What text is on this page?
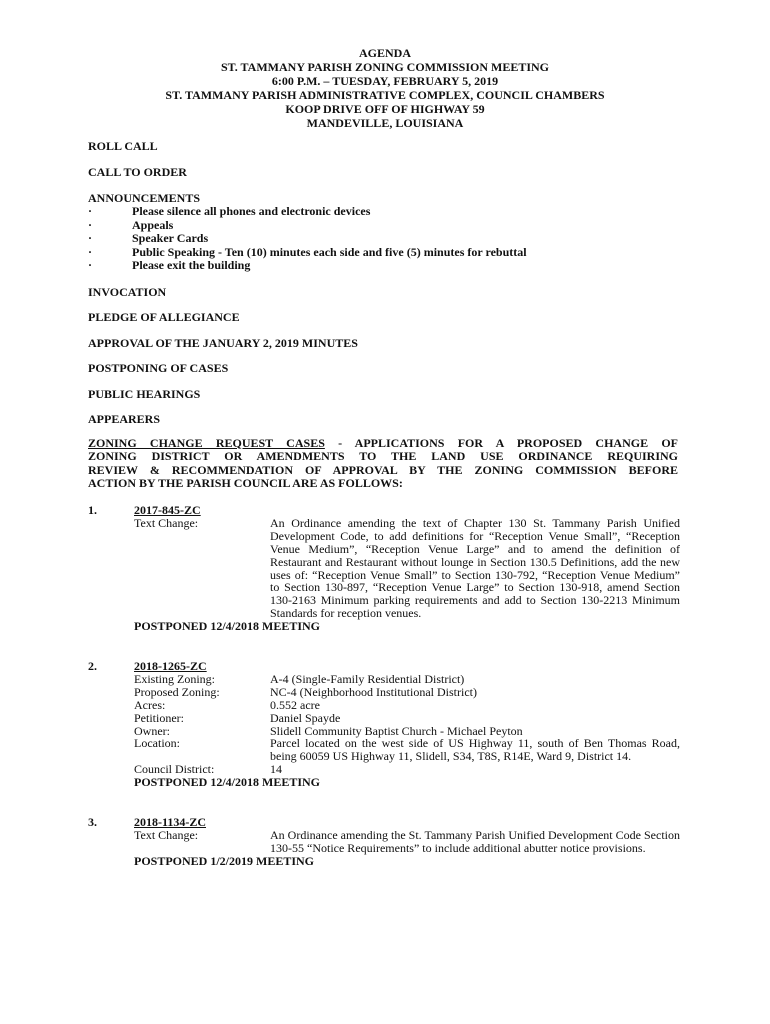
AGENDA
ST. TAMMANY PARISH ZONING COMMISSION MEETING
6:00 P.M. – TUESDAY, FEBRUARY 5, 2019
ST. TAMMANY PARISH ADMINISTRATIVE COMPLEX, COUNCIL CHAMBERS
KOOP DRIVE OFF OF HIGHWAY 59
MANDEVILLE, LOUISIANA
ROLL CALL
CALL TO ORDER
ANNOUNCEMENTS
·	Please silence all phones and electronic devices
·	Appeals
·	Speaker Cards
·	Public Speaking - Ten (10) minutes each side and five (5) minutes for rebuttal
·	Please exit the building
INVOCATION
PLEDGE OF ALLEGIANCE
APPROVAL OF THE JANUARY 2, 2019 MINUTES
POSTPONING OF CASES
PUBLIC HEARINGS
APPEARERS
ZONING CHANGE REQUEST CASES - APPLICATIONS FOR A PROPOSED CHANGE OF
ZONING DISTRICT OR AMENDMENTS TO THE LAND USE ORDINANCE REQUIRING
REVIEW & RECOMMENDATION OF APPROVAL BY THE ZONING COMMISSION BEFORE
ACTION BY THE PARISH COUNCIL ARE AS FOLLOWS:
1.	2017-845-ZC
Text Change:	An Ordinance amending the text of Chapter 130 St. Tammany Parish Unified Development Code, to add definitions for “Reception Venue Small”, “Reception Venue Medium”, “Reception Venue Large” and to amend the definition of Restaurant and Restaurant without lounge in Section 130.5 Definitions, add the new uses of: “Reception Venue Small” to Section 130-792, “Reception Venue Medium” to Section 130-897, “Reception Venue Large” to Section 130-918, amend Section 130-2163 Minimum parking requirements and add to Section 130-2213 Minimum Standards for reception venues.
POSTPONED 12/4/2018 MEETING
2.	2018-1265-ZC
Existing Zoning:	A-4 (Single-Family Residential District)
Proposed Zoning:	NC-4 (Neighborhood Institutional District)
Acres:	0.552 acre
Petitioner:	Daniel Spayde
Owner:	Slidell Community Baptist Church - Michael Peyton
Location:	Parcel located on the west side of US Highway 11, south of Ben Thomas Road, being 60059 US Highway 11, Slidell, S34, T8S, R14E, Ward 9, District 14.
Council District:	14
POSTPONED 12/4/2018 MEETING
3.	2018-1134-ZC
Text Change:	An Ordinance amending the St. Tammany Parish Unified Development Code Section 130-55 “Notice Requirements” to include additional abutter notice provisions.
POSTPONED 1/2/2019 MEETING
